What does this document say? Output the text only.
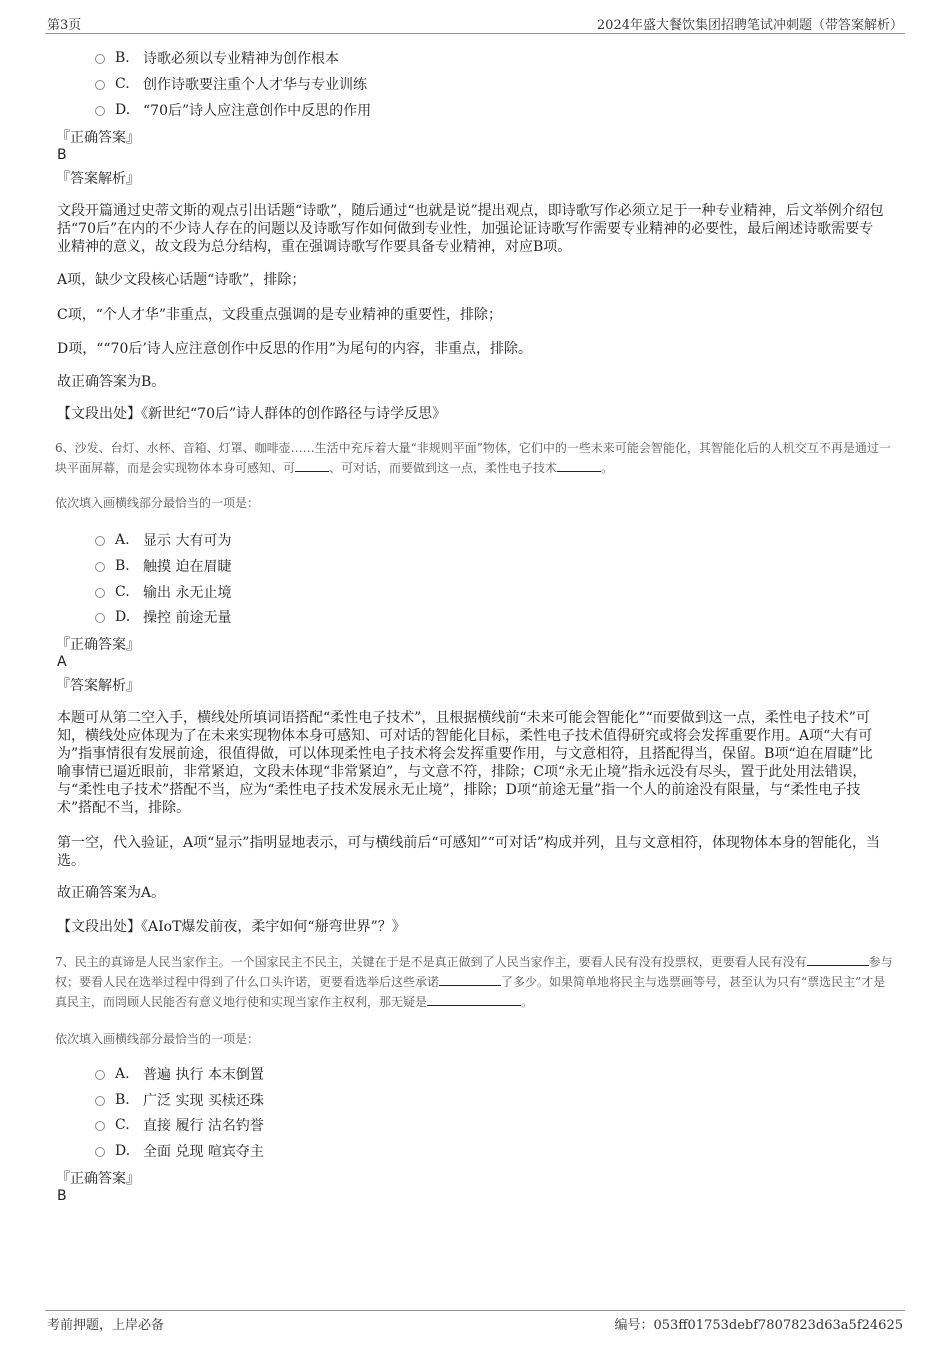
第3页	2024年盛大餐饮集团招聘笔试冲刺题（带答案解析）
B. 诗歌必须以专业精神为创作根本
C. 创作诗歌要注重个人才华与专业训练
D. “70后”诗人应注意创作中反思的作用
『正确答案』
B
『答案解析』
文段开篇通过史蒂文斯的观点引出话题“诗歌”，随后通过“也就是说”提出观点，即诗歌写作必须立足于一种专业精神，后文举例介绍包括“70后”在内的不少诗人存在的问题以及诗歌写作如何做到专业性，加强论证诗歌写作需要专业精神的必要性，最后阐述诗歌需要专业精神的意义，故文段为总分结构，重在强调诗歌写作要具备专业精神，对应B项。
A项，缺少文段核心话题“诗歌”，排除；
C项，“个人才华”非重点，文段重点强调的是专业精神的重要性，排除；
D项，““70后’诗人应注意创作中反思的作用”为尾句的内容，非重点，排除。
故正确答案为B。
【文段出处】《新世纪“70后”诗人群体的创作路径与诗学反思》
6、沙发、台灯、水杯、音箱、灯罩、咖啡壶……生活中充斥着大量“非规则平面”物体，它们中的一些未来可能会智能化，其智能化后的人机交互不再是通过一块平面屏幕，而是会实现物体本身可感知、可	、可对话，而要做到这一点，柔性电子技术	。
依次填入画横线部分最恰当的一项是：
A. 显示 大有可为
B. 触摸 迫在眉睫
C. 输出 永无止境
D. 操控 前途无量
『正确答案』
A
『答案解析』
本题可从第二空入手，横线处所填词语搭配“柔性电子技术”，且根据横线前“未来可能会智能化”“而要做到这一点，柔性电子技术”可知，横线处应体现为了在未来实现物体本身可感知、可对话的智能化目标，柔性电子技术值得研究或将会发挥重要作用。A项“大有可为”指事情很有发展前途，很值得做，可以体现柔性电子技术将会发挥重要作用，与文意相符，且搭配得当，保留。B项“迫在眉睫”比喻事情已逼近眼前，非常紧迫，文段未体现“非常紧迫”，与文意不符，排除；C项“永无止境”指永远没有尽头，置于此处用法错误，与“柔性电子技术”搭配不当，应为“柔性电子技术发展永无止境”，排除；D项“前途无量”指一个人的前途没有限量，与“柔性电子技术”搭配不当，排除。
第一空，代入验证，A项“显示”指明显地表示，可与横线前后“可感知”“可对话”构成并列，且与文意相符，体现物体本身的智能化，当选。
故正确答案为A。
【文段出处】《AIoT爆发前夜，柔宇如何“掰弯世界”？》
7、民主的真谛是人民当家作主。一个国家民主不民主，关键在于是不是真正做到了人民当家作主，要看人民有没有投票权，更要看人民有没有	参与权；要看人民在选举过程中得到了什么口头许诺，更要看选举后这些承诺	了多少。如果简单地将民主与选票画等号，甚至认为只有“票选民主”才是真民主，而罔顾人民能否有意义地行使和实现当家作主权利，那无疑是	。
依次填入画横线部分最恰当的一项是：
A. 普遍 执行 本末倒置
B. 广泛 实现 买椟还珠
C. 直接 履行 沽名钓誉
D. 全面 兑现 喧宾夺主
『正确答案』
B
考前押题，上岸必备	编号：053ff01753debf7807823d63a5f24625
